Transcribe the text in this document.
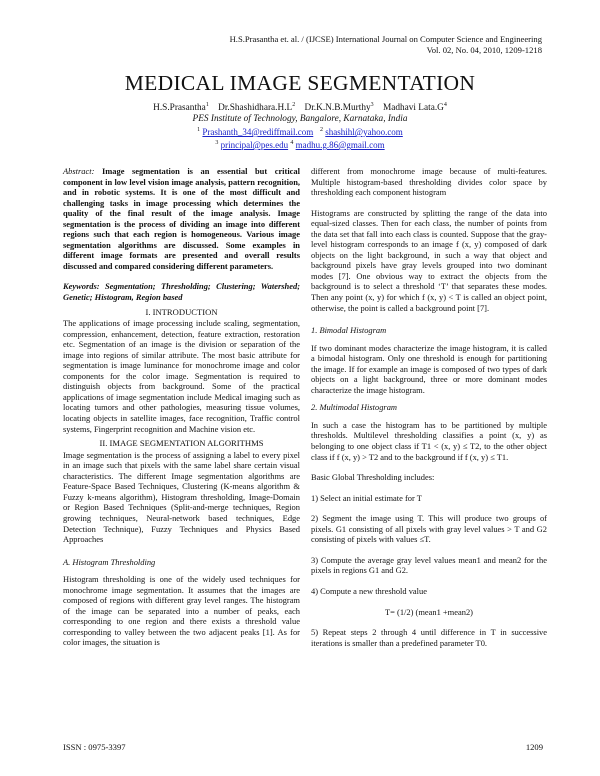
H.S.Prasantha et. al. / (IJCSE) International Journal on Computer Science and Engineering
Vol. 02, No. 04, 2010, 1209-1218
MEDICAL IMAGE SEGMENTATION
H.S.Prasantha$^1$ $Dr.Shashidhara.H.L^2$ Dr.K.N.B.Murthy$^3$ Madhavi $Lata.G^4$
PES Institute of Technology, Bangalore, Karnataka, India
$^1$ Prashanth_34@rediffmail.com $^2$ shashihl@yahoo.com
$^3$ principal@pes.edu $^4$ madhu.g.86@gmail.com

Abstract: Image segmentation is an essential but critical component in low level vision image analysis, pattern recognition, and in robotic systems. It is one of the most difficult and challenging tasks in image processing which determines the quality of the final result of the image analysis. Image segmentation is the process of dividing an image into different regions such that each region is homogeneous. Various image segmentation algorithms are discussed. Some examples in different image formats are presented and overall results discussed and compared considering different parameters.

Keywords: Segmentation; Thresholding; Clustering; Watershed; Genetic; Histogram, Region based

I. INTRODUCTION

The applications of image processing include scaling, segmentation, compression, enhancement, detection, feature extraction, restoration etc. Segmentation of an image is the division or separation of the image into regions of similar attribute. The most basic attribute for segmentation is image luminance for monochrome image and color components for the color image. Segmentation is required to distinguish objects from background. Some of the practical applications of image segmentation include Medical imaging such as locating tumors and other pathologies, measuring tissue volumes, locating objects in satellite images, face recognition, Traffic control systems, Fingerprint recognition and Machine vision etc.

II. IMAGE SEGMENTATION ALGORITHMS

Image segmentation is the process of assigning a label to every pixel in an image such that pixels with the same label share certain visual characteristics. The different Image segmentation algorithms are Feature-Space Based Techniques, Clustering (K-means algorithm & Fuzzy k-means algorithm), Histogram thresholding, Image-Domain or Region Based Techniques (Split-and-merge techniques, Region growing techniques, Neural-network based techniques, Edge Detection Technique), Fuzzy Techniques and Physics Based Approaches

A. Histogram Thresholding

Histogram thresholding is one of the widely used techniques for monochrome image segmentation. It assumes that the images are composed of regions with different gray level ranges. The histogram of the image can be separated into a number of peaks, each corresponding to one region and there exists a threshold value corresponding to valley between the two adjacent peaks [1]. As for color images, the situation is

different from monochrome image because of multi-features. Multiple histogram-based thresholding divides color space by thresholding each component histogram

Histograms are constructed by splitting the range of the data into equal-sized classes. Then for each class, the number of points from the data set that fall into each class is counted. Suppose that the gray-level histogram corresponds to an image f (x, y) composed of dark objects on the light background, in such a way that object and background pixels have gray levels grouped into two dominant modes [7]. One obvious way to extract the objects from the background is to select a threshold ‘T’ that separates these modes. Then any point (x, y) for which f (x, y) < T is called an object point, otherwise, the point is called a background point [7].

1. Bimodal Histogram

If two dominant modes characterize the image histogram, it is called a bimodal histogram. Only one threshold is enough for partitioning the image. If for example an image is composed of two types of dark objects on a light background, three or more dominant modes characterize the image histogram.

2. Multimodal Histogram

In such a case the histogram has to be partitioned by multiple thresholds. Multilevel thresholding classifies a point (x, y) as belonging to one object class if T1 < (x, y) ≤ T2, to the other object class if f (x, y) > T2 and to the background if f (x, y) ≤ T1.

Basic Global Thresholding includes:

1) Select an initial estimate for T

2) Segment the image using T. This will produce two groups of pixels. G1 consisting of all pixels with gray level values > T and G2 consisting of pixels with values ≤T.

3) Compute the average gray level values mean1 and mean2 for the pixels in regions G1 and G2.

4) Compute a new threshold value

T= (1/2) (mean1 +mean2)

5) Repeat steps 2 through 4 until difference in T in successive iterations is smaller than a predefined parameter T0.

ISSN : 0975-3397	1209
